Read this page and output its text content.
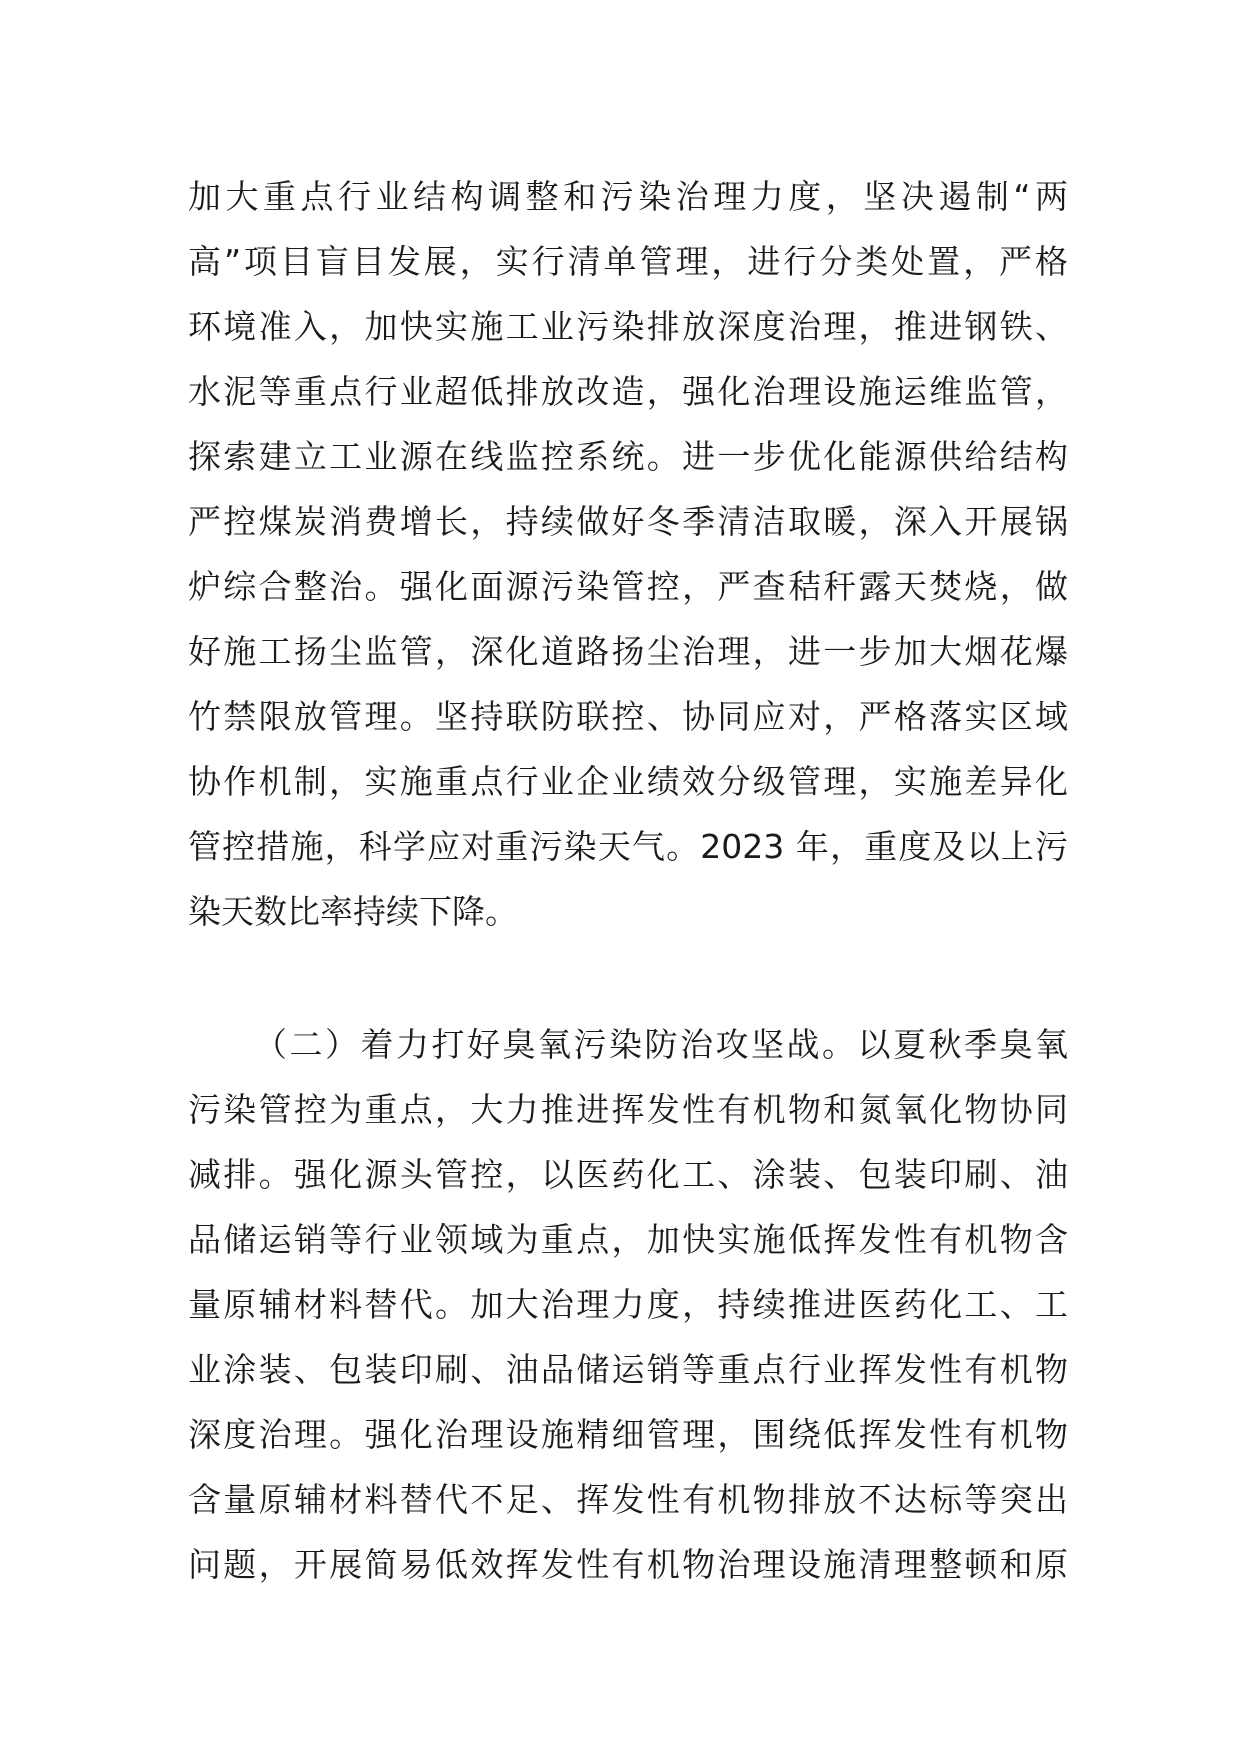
加大重点行业结构调整和污染治理力度，坚决遏制“两
高”项目盲目发展，实行清单管理，进行分类处置，严格
环境准入，加快实施工业污染排放深度治理，推进钢铁、
水泥等重点行业超低排放改造，强化治理设施运维监管，
探索建立工业源在线监控系统。进一步优化能源供给结构
严控煤炭消费增长，持续做好冬季清洁取暖，深入开展锅
炉综合整治。强化面源污染管控，严查秸秆露天焚烧，做
好施工扬尘监管，深化道路扬尘治理，进一步加大烟花爆
竹禁限放管理。坚持联防联控、协同应对，严格落实区域
协作机制，实施重点行业企业绩效分级管理，实施差异化
管控措施，科学应对重污染天气。2023 年，重度及以上污
染天数比率持续下降。
（二）着力打好臭氧污染防治攻坚战。以夏秋季臭氧
污染管控为重点，大力推进挥发性有机物和氮氧化物协同
减排。强化源头管控，以医药化工、涂装、包装印刷、油
品储运销等行业领域为重点，加快实施低挥发性有机物含
量原辅材料替代。加大治理力度，持续推进医药化工、工
业涂装、包装印刷、油品储运销等重点行业挥发性有机物
深度治理。强化治理设施精细管理，围绕低挥发性有机物
含量原辅材料替代不足、挥发性有机物排放不达标等突出
问题，开展简易低效挥发性有机物治理设施清理整顿和原
